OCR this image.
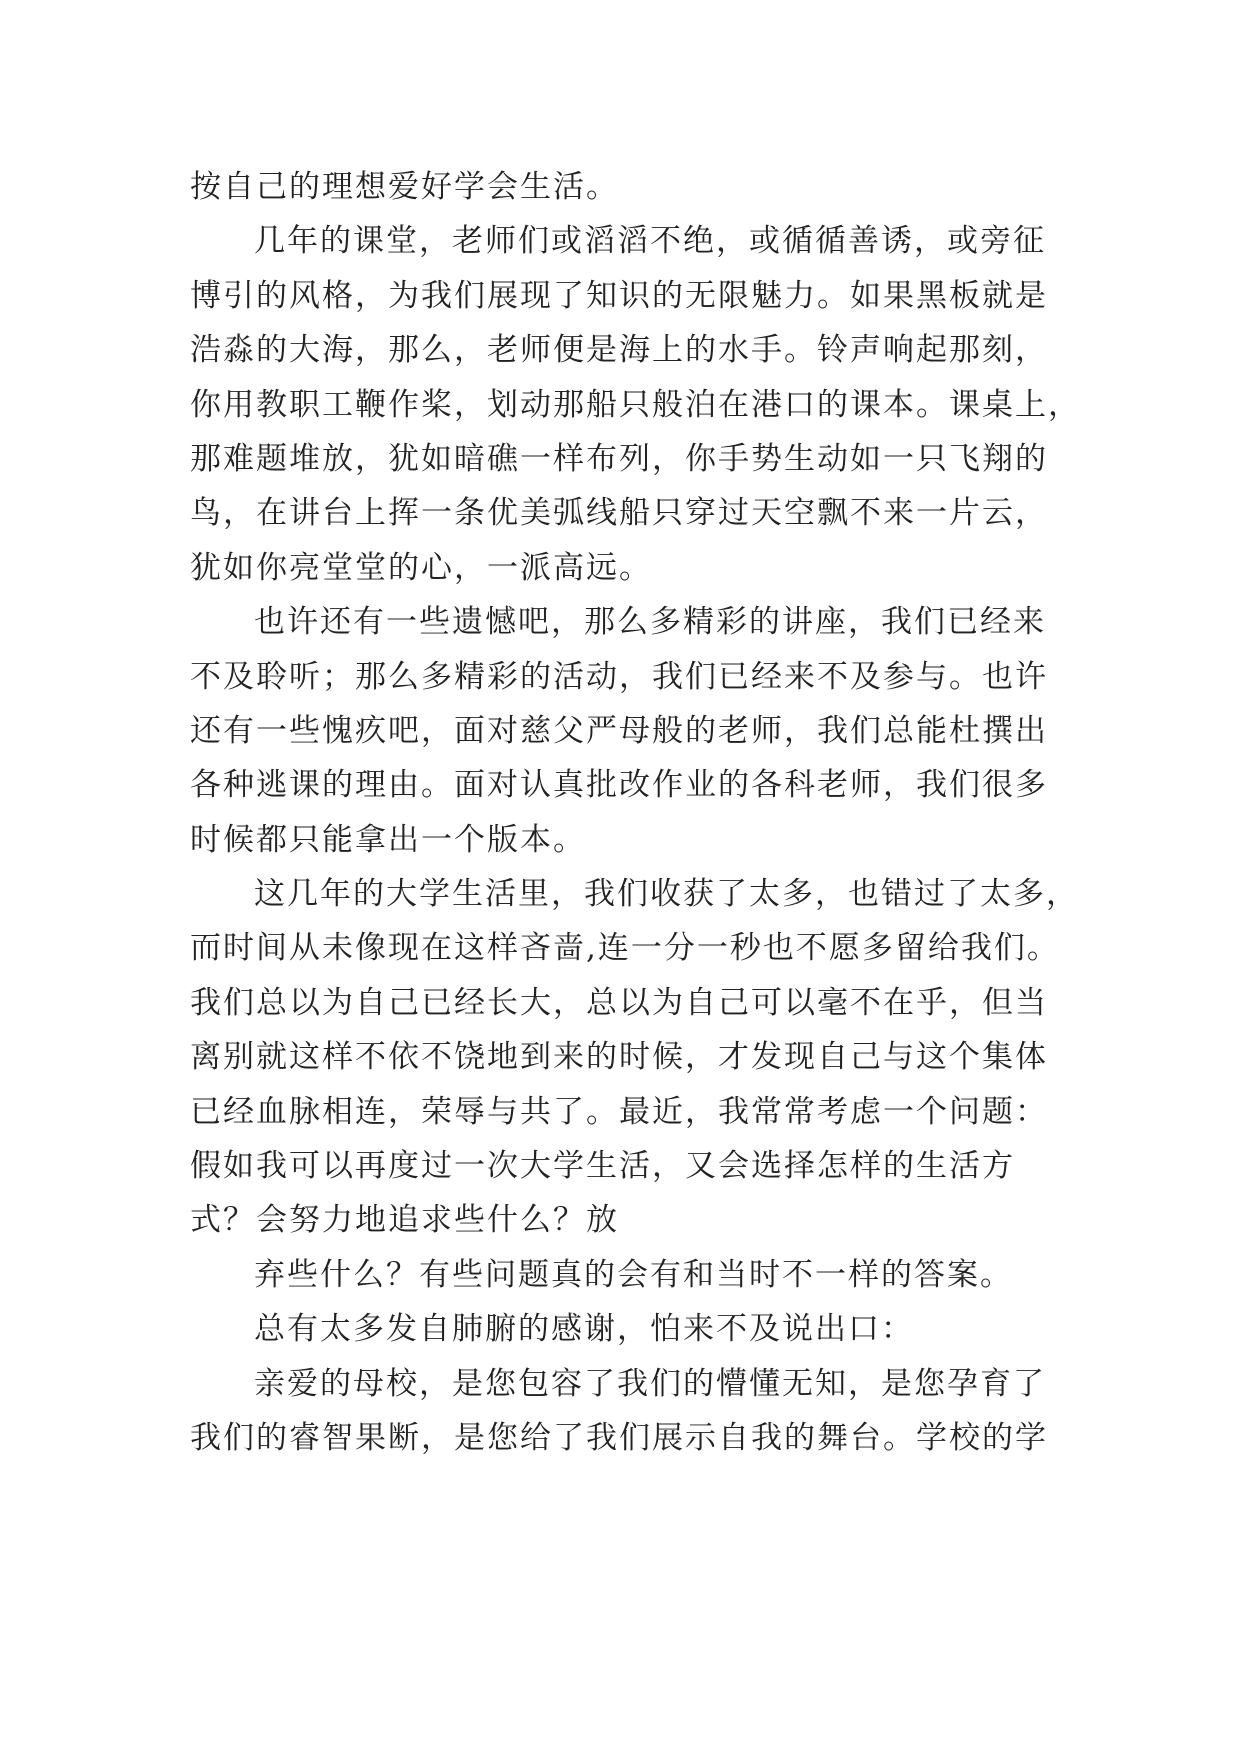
按自己的理想爱好学会生活。
几年的课堂，老师们或滔滔不绝，或循循善诱，或旁征
博引的风格，为我们展现了知识的无限魅力。如果黑板就是
浩淼的大海，那么，老师便是海上的水手。铃声响起那刻，
你用教职工鞭作桨，划动那船只般泊在港口的课本。课桌上，
那难题堆放，犹如暗礁一样布列，你手势生动如一只飞翔的
鸟，在讲台上挥一条优美弧线船只穿过天空飘不来一片云，
犹如你亮堂堂的心，一派高远。
也许还有一些遗憾吧，那么多精彩的讲座，我们已经来
不及聆听；那么多精彩的活动，我们已经来不及参与。也许
还有一些愧疚吧，面对慈父严母般的老师，我们总能杜撰出
各种逃课的理由。面对认真批改作业的各科老师，我们很多
时候都只能拿出一个版本。
这几年的大学生活里，我们收获了太多，也错过了太多，
而时间从未像现在这样吝啬,连一分一秒也不愿多留给我们。
我们总以为自己已经长大，总以为自己可以毫不在乎，但当
离别就这样不依不饶地到来的时候，才发现自己与这个集体
已经血脉相连，荣辱与共了。最近，我常常考虑一个问题：
假如我可以再度过一次大学生活，又会选择怎样的生活方
式？会努力地追求些什么？放
弃些什么？有些问题真的会有和当时不一样的答案。
总有太多发自肺腑的感谢，怕来不及说出口：
亲爱的母校，是您包容了我们的懵懂无知，是您孕育了
我们的睿智果断，是您给了我们展示自我的舞台。学校的学
